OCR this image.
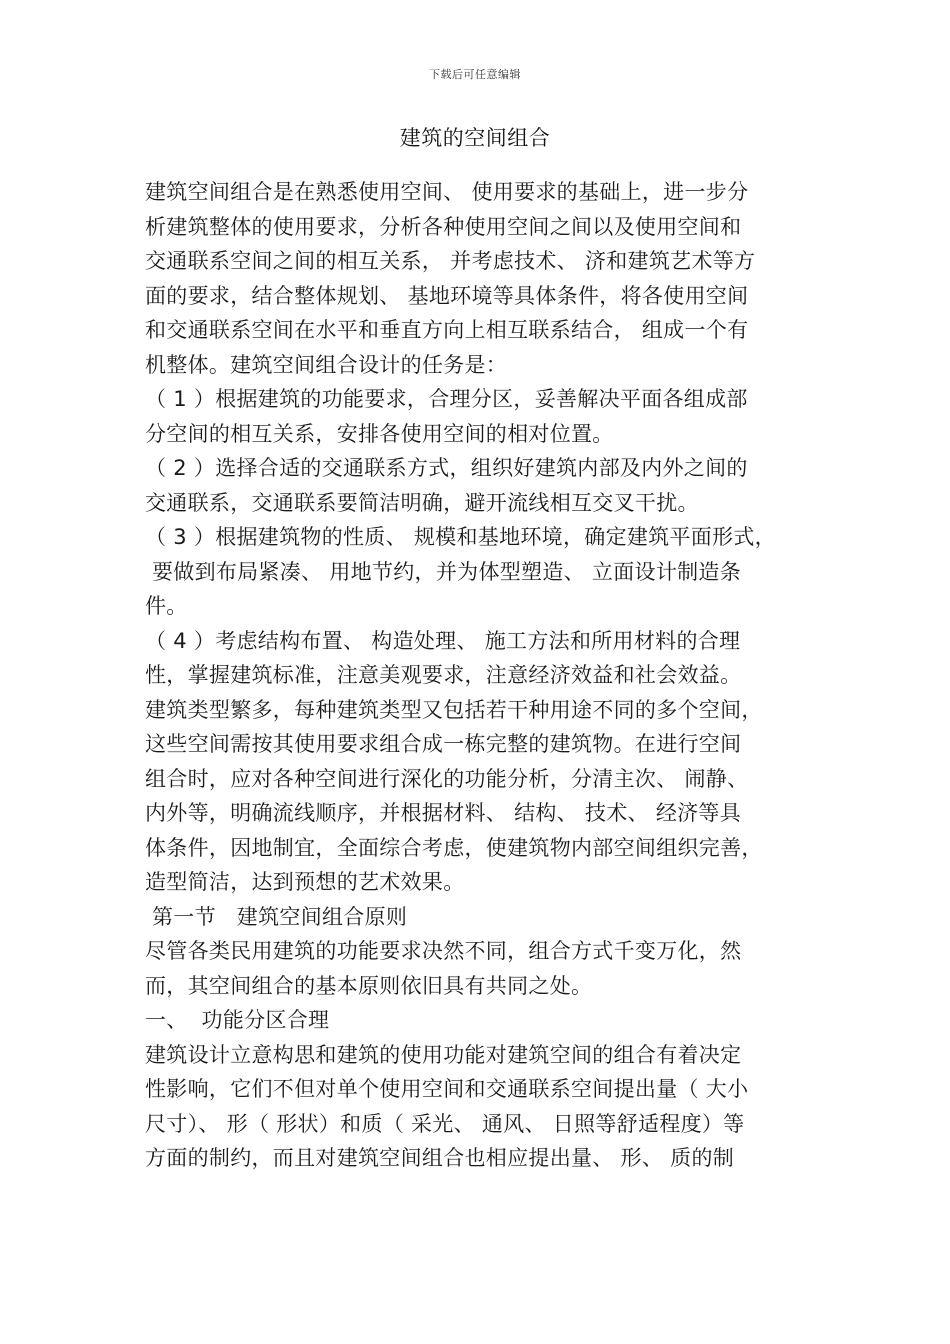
下载后可任意编辑
建筑的空间组合
建筑空间组合是在熟悉使用空间、 使用要求的基础上，进一步分
析建筑整体的使用要求，分析各种使用空间之间以及使用空间和
交通联系空间之间的相互关系， 并考虑技术、 济和建筑艺术等方
面的要求，结合整体规划、 基地环境等具体条件，将各使用空间
和交通联系空间在水平和垂直方向上相互联系结合， 组成一个有
机整体。建筑空间组合设计的任务是：
（ 1 ）根据建筑的功能要求，合理分区，妥善解决平面各组成部
分空间的相互关系，安排各使用空间的相对位置。
（ 2 ）选择合适的交通联系方式，组织好建筑内部及内外之间的
交通联系，交通联系要简洁明确，避开流线相互交叉干扰。
（ 3 ）根据建筑物的性质、 规模和基地环境，确定建筑平面形式，
要做到布局紧凑、 用地节约，并为体型塑造、 立面设计制造条
件。
（ 4 ）考虑结构布置、 构造处理、 施工方法和所用材料的合理
性，掌握建筑标准，注意美观要求，注意经济效益和社会效益。
建筑类型繁多，每种建筑类型又包括若干种用途不同的多个空间，
这些空间需按其使用要求组合成一栋完整的建筑物。在进行空间
组合时，应对各种空间进行深化的功能分析，分清主次、 闹静、
内外等，明确流线顺序，并根据材料、 结构、 技术、 经济等具
体条件，因地制宜，全面综合考虑，使建筑物内部空间组织完善，
造型简洁，达到预想的艺术效果。
第一节   建筑空间组合原则
尽管各类民用建筑的功能要求决然不同，组合方式千变万化，然
而，其空间组合的基本原则依旧具有共同之处。
一、  功能分区合理
建筑设计立意构思和建筑的使用功能对建筑空间的组合有着决定
性影响，它们不但对单个使用空间和交通联系空间提出量（ 大小
尺寸）、 形（ 形状）和质（ 采光、 通风、 日照等舒适程度）等
方面的制约，而且对建筑空间组合也相应提出量、 形、 质的制
